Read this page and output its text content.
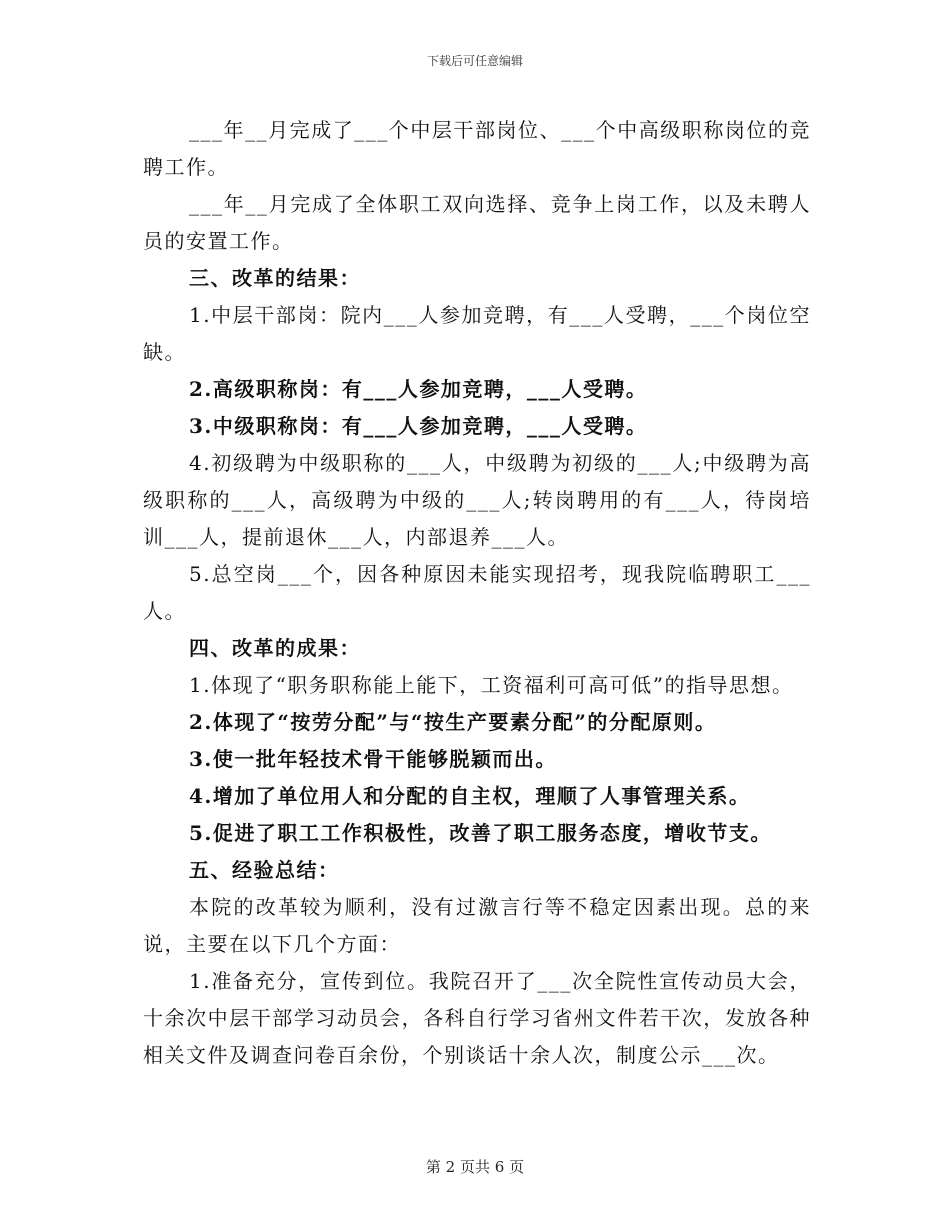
下载后可任意编辑

___年__月完成了___个中层干部岗位、___个中高级职称岗位的竞聘工作。

___年__月完成了全体职工双向选择、竞争上岗工作，以及未聘人员的安置工作。

三、改革的结果：

1.中层干部岗：院内___人参加竞聘，有___人受聘，___个岗位空缺。

2.高级职称岗：有___人参加竞聘，___人受聘。

3.中级职称岗：有___人参加竞聘，___人受聘。

4.初级聘为中级职称的___人，中级聘为初级的___人;中级聘为高级职称的___人，高级聘为中级的___人;转岗聘用的有___人，待岗培训___人，提前退休___人，内部退养___人。

5.总空岗___个，因各种原因未能实现招考，现我院临聘职工___人。

四、改革的成果：

1.体现了“职务职称能上能下，工资福利可高可低”的指导思想。

2.体现了“按劳分配”与“按生产要素分配”的分配原则。

3.使一批年轻技术骨干能够脱颖而出。

4.增加了单位用人和分配的自主权，理顺了人事管理关系。

5.促进了职工工作积极性，改善了职工服务态度，增收节支。

五、经验总结：

本院的改革较为顺利，没有过激言行等不稳定因素出现。总的来说，主要在以下几个方面：

1.准备充分，宣传到位。我院召开了___次全院性宣传动员大会，十余次中层干部学习动员会，各科自行学习省州文件若干次，发放各种相关文件及调查问卷百余份，个别谈话十余人次，制度公示___次。

第 2 页共 6 页
